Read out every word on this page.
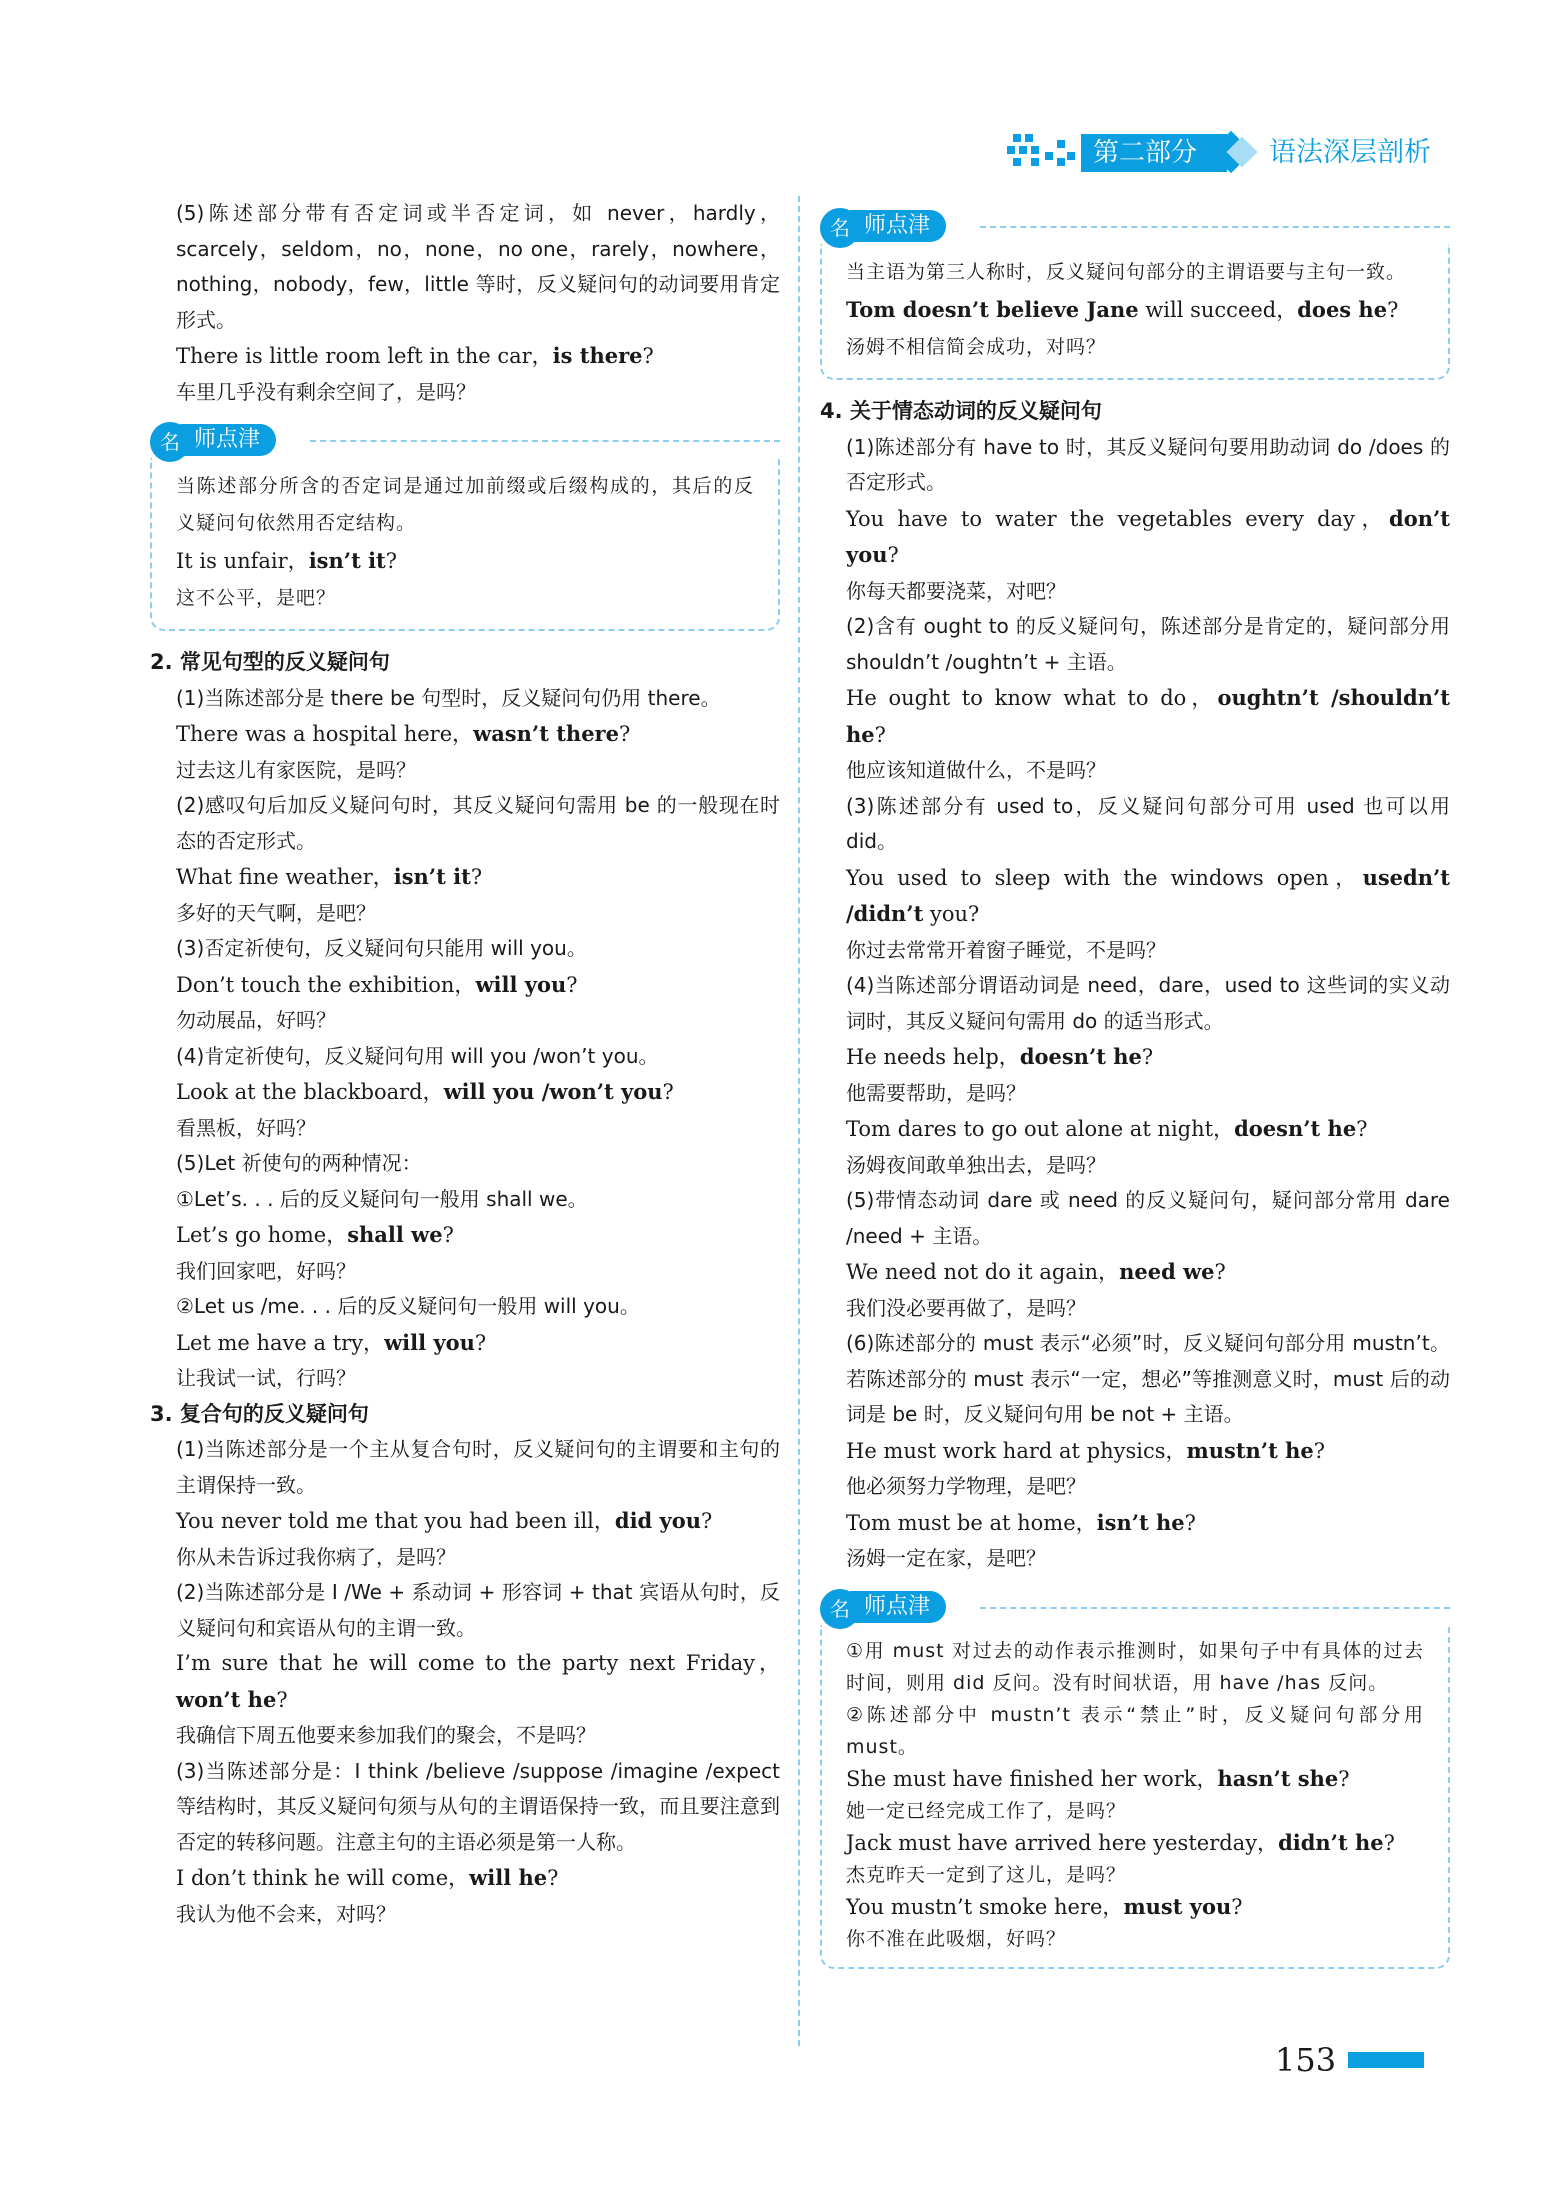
第二部分	语法深层剖析

(5)陈述部分带有否定词或半否定词，如 never，hardly，scarcely，seldom，no，none，no one，rarely，nowhere，nothing，nobody，few，little 等时，反义疑问句的动词要用肯定形式。

There is little room left in the car，is there?

车里几乎没有剩余空间了，是吗？

名 师点津

当陈述部分所含的否定词是通过加前缀或后缀构成的，其后的反义疑问句依然用否定结构。

It is unfair，isn’t it?

这不公平，是吧？

2. 常见句型的反义疑问句

(1)当陈述部分是 there be 句型时，反义疑问句仍用 there。

There was a hospital here，wasn’t there?

过去这儿有家医院，是吗？

(2)感叹句后加反义疑问句时，其反义疑问句需用 be 的一般现在时态的否定形式。

What fine weather，isn’t it?

多好的天气啊，是吧？

(3)否定祈使句，反义疑问句只能用 will you。

Don’t touch the exhibition，will you?

勿动展品，好吗？

(4)肯定祈使句，反义疑问句用 will you /won’t you。

Look at the blackboard，will you /won’t you?

看黑板，好吗？

(5)Let 祈使句的两种情况：

①Let’s. . . 后的反义疑问句一般用 shall we。

Let’s go home，shall we?

我们回家吧，好吗？

②Let us /me. . . 后的反义疑问句一般用 will you。

Let me have a try，will you?

让我试一试，行吗？

3. 复合句的反义疑问句

(1)当陈述部分是一个主从复合句时，反义疑问句的主谓要和主句的主谓保持一致。

You never told me that you had been ill，did you?

你从未告诉过我你病了，是吗？

(2)当陈述部分是 I /We + 系动词 + 形容词 + that 宾语从句时，反义疑问句和宾语从句的主谓一致。

I’m sure that he will come to the party next Friday，won’t he?

我确信下周五他要来参加我们的聚会，不是吗？

(3)当陈述部分是：I think /believe /suppose /imagine /expect 等结构时，其反义疑问句须与从句的主谓语保持一致，而且要注意到否定的转移问题。注意主句的主语必须是第一人称。

I don’t think he will come，will he?

我认为他不会来，对吗？

名 师点津

当主语为第三人称时，反义疑问句部分的主谓语要与主句一致。

Tom doesn’t believe Jane will succeed，does he?

汤姆不相信简会成功，对吗？

4. 关于情态动词的反义疑问句

(1)陈述部分有 have to 时，其反义疑问句要用助动词 do /does 的否定形式。

You have to water the vegetables every day，don’t you?

你每天都要浇菜，对吧？

(2)含有 ought to 的反义疑问句，陈述部分是肯定的，疑问部分用 shouldn’t /oughtn’t + 主语。

He ought to know what to do，oughtn’t /shouldn’t he?

他应该知道做什么，不是吗？

(3)陈述部分有 used to，反义疑问句部分可用 used 也可以用 did。

You used to sleep with the windows open，usedn’t /didn’t you?

你过去常常开着窗子睡觉，不是吗？

(4)当陈述部分谓语动词是 need，dare，used to 这些词的实义动词时，其反义疑问句需用 do 的适当形式。

He needs help，doesn’t he?

他需要帮助，是吗？

Tom dares to go out alone at night，doesn’t he?

汤姆夜间敢单独出去，是吗？

(5)带情态动词 dare 或 need 的反义疑问句，疑问部分常用 dare /need + 主语。

We need not do it again，need we?

我们没必要再做了，是吗？

(6)陈述部分的 must 表示“必须”时，反义疑问句部分用 mustn’t。若陈述部分的 must 表示“一定，想必”等推测意义时，must 后的动词是 be 时，反义疑问句用 be not + 主语。

He must work hard at physics，mustn’t he?

他必须努力学物理，是吧？

Tom must be at home，isn’t he?

汤姆一定在家，是吧？

名 师点津

①用 must 对过去的动作表示推测时，如果句子中有具体的过去时间，则用 did 反问。没有时间状语，用 have /has 反问。

②陈述部分中 mustn’t 表示“禁止”时，反义疑问句部分用 must。

She must have finished her work，hasn’t she?

她一定已经完成工作了，是吗？

Jack must have arrived here yesterday，didn’t he?

杰克昨天一定到了这儿，是吗？

You mustn’t smoke here，must you?

你不准在此吸烟，好吗？

153
